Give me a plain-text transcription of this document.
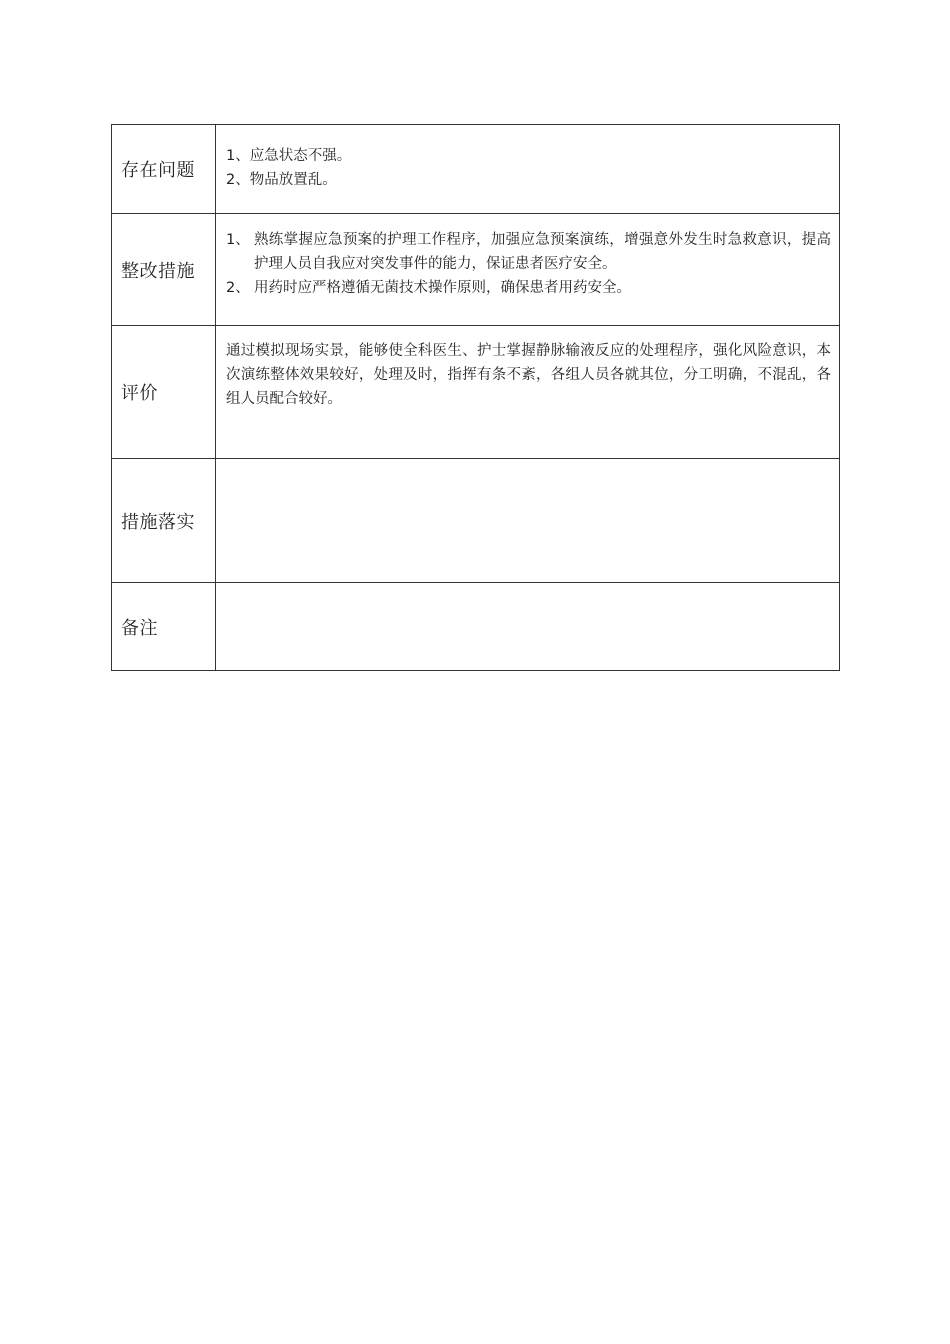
存在问题	1、应急状态不强。
2、物品放置乱。

整改措施	1、 熟练掌握应急预案的护理工作程序，加强应急预案演练，增强意外发生时急救意识，提高护理人员自我应对突发事件的能力，保证患者医疗安全。
2、 用药时应严格遵循无菌技术操作原则，确保患者用药安全。

评价	通过模拟现场实景，能够使全科医生、护士掌握静脉输液反应的处理程序，强化风险意识，本次演练整体效果较好，处理及时，指挥有条不紊，各组人员各就其位，分工明确，不混乱，各组人员配合较好。

措施落实	
备注	
